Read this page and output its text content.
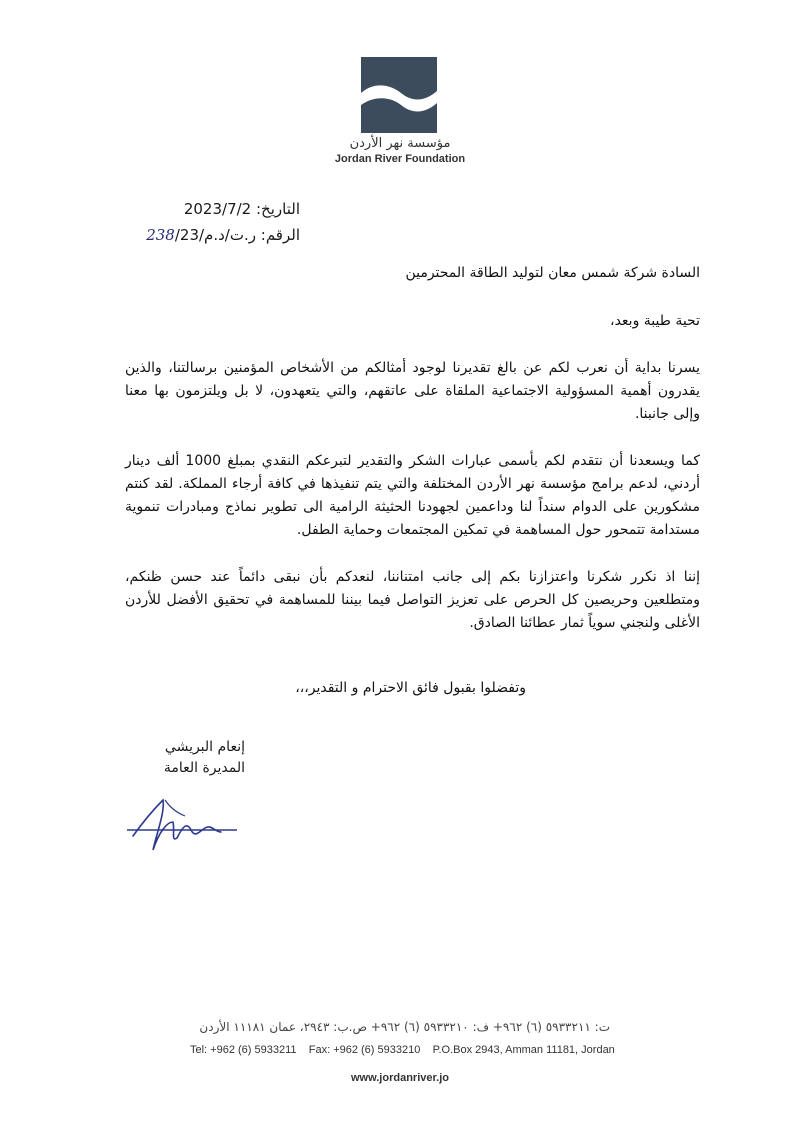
مؤسسة نهر الأردن
Jordan River Foundation
التاريخ: 2023/7/2
الرقم: ر.ت/د.م/238/23
السادة شركة شمس معان لتوليد الطاقة المحترمين
تحية طيبة وبعد،
يسرنا بداية أن نعرب لكم عن بالغ تقديرنا لوجود أمثالكم من الأشخاص المؤمنين برسالتنا، والذين يقدرون أهمية المسؤولية الاجتماعية الملقاة على عاتقهم، والتي يتعهدون، لا بل ويلتزمون بها معنا وإلى جانبنا.
كما ويسعدنا أن نتقدم لكم بأسمى عبارات الشكر والتقدير لتبرعكم النقدي بمبلغ 1000 ألف دينار أردني، لدعم برامج مؤسسة نهر الأردن المختلفة والتي يتم تنفيذها في كافة أرجاء المملكة. لقد كنتم مشكورين على الدوام سنداً لنا وداعمين لجهودنا الحثيثة الرامية الى تطوير نماذج ومبادرات تنموية مستدامة تتمحور حول المساهمة في تمكين المجتمعات وحماية الطفل.
إننا اذ نكرر شكرنا واعتزازنا بكم إلى جانب امتناننا، لنعدكم بأن نبقى دائماً عند حسن ظنكم، ومتطلعين وحريصين كل الحرص على تعزيز التواصل فيما بيننا للمساهمة في تحقيق الأفضل للأردن الأغلى ولنجني سوياً ثمار عطائنا الصادق.
وتفضلوا بقبول فائق الاحترام و التقدير،،،
إنعام البريشي
المديرة العامة
ت: ٥٩٣٣٢١١ (٦) ٩٦٢+ ف: ٥٩٣٣٢١٠ (٦) ٩٦٢+ ص.ب: ٢٩٤٣، عمان ١١١٨١ الأردن
Tel: +962 (6) 5933211    Fax: +962 (6) 5933210    P.O.Box 2943, Amman 11181, Jordan
www.jordanriver.jo
